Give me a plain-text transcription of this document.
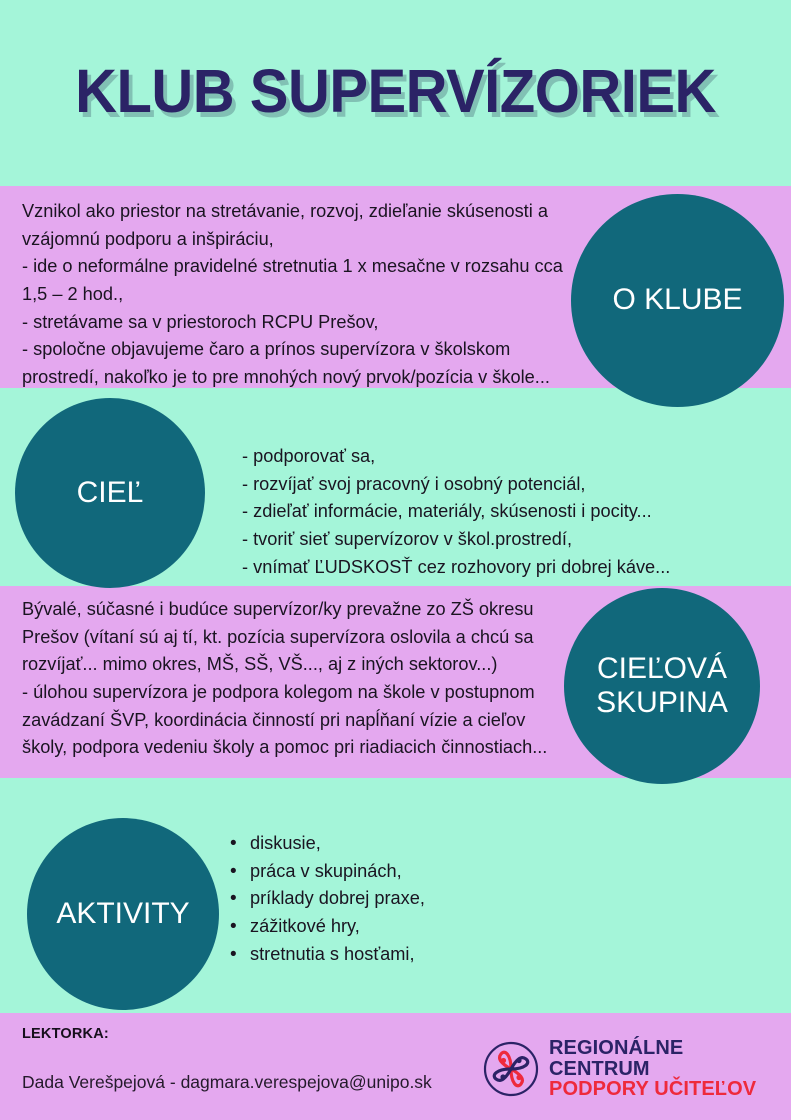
KLUB SUPERVÍZORIEK

Vznikol ako priestor na stretávanie, rozvoj, zdieľanie skúsenosti a vzájomnú podporu a inšpiráciu,

- ide o neformálne pravidelné stretnutia 1 x mesačne v rozsahu cca 1,5 – 2 hod.,

- stretávame sa v priestoroch RCPU Prešov,

- spoločne objavujeme čaro a prínos supervízora v školskom prostredí, nakoľko je to pre mnohých nový prvok/pozícia v škole...

O KLUBE
CIEĽ
- podporovať sa,
- rozvíjať svoj pracovný i osobný potenciál,
- zdieľať informácie, materiály, skúsenosti i pocity...
- tvoriť sieť supervízorov v škol.prostredí,
- vnímať ĽUDSKOSŤ cez rozhovory pri dobrej káve...

Bývalé, súčasné i budúce supervízor/ky prevažne zo ZŠ okresu Prešov (vítaní sú aj tí, kt. pozícia supervízora oslovila a chcú sa rozvíjať... mimo okres, MŠ, SŠ, VŠ..., aj z iných sektorov...)

- úlohou supervízora je podpora kolegom na škole v postupnom zavádzaní ŠVP, koordinácia činností pri napĺňaní vízie a cieľov školy, podpora vedeniu školy a pomoc pri riadiacich činnostiach...

CIEĽOVÁ
SKUPINA
AKTIVITY
• diskusie,
• práca v skupinách,
• príklady dobrej praxe,
• zážitkové hry,
• stretnutia s hosťami,
LEKTORKA:
Dada Verešpejová - dagmara.verespejova@unipo.sk
REGIONÁLNE CENTRUM
PODPORY UČITEĽOV
